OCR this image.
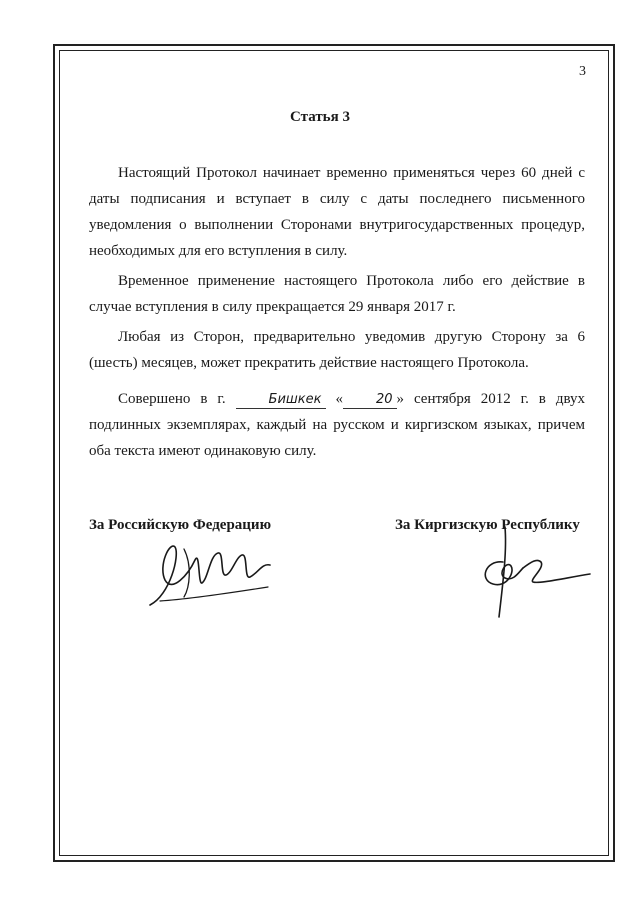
3
Статья 3

Настоящий Протокол начинает временно применяться через 60 дней с даты подписания и вступает в силу с даты последнего письменного уведомления о выполнении Сторонами внутригосударственных процедур, необходимых для его вступления в силу.

Временное применение настоящего Протокола либо его действие в случае вступления в силу прекращается 29 января 2017 г.

Любая из Сторон, предварительно уведомив другую Сторону за 6 (шесть) месяцев, может прекратить действие настоящего Протокола.

Совершено в г.	Бишкек «	20 » сентября 2012 г. в двух подлинных экземплярах, каждый на русском и киргизском языках, причем оба текста имеют одинаковую силу.

За Российскую Федерацию	За Киргизскую Республику
